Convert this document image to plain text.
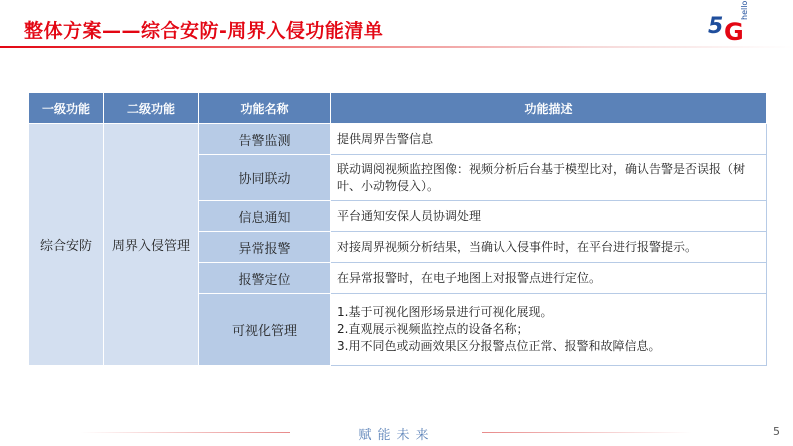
整体方案——综合安防-周界入侵功能清单	5 G
hello
一级功能	二级功能	功能名称	功能描述
综合安防	周界入侵管理	告警监测	提供周界告警信息
		协同联动	联动调阅视频监控图像：视频分析后台基于模型比对，确认告警是否误报（树叶、小动物侵入）。
		信息通知	平台通知安保人员协调处理
		异常报警	对接周界视频分析结果，当确认入侵事件时，在平台进行报警提示。
		报警定位	在异常报警时，在电子地图上对报警点进行定位。
		可视化管理	1.基于可视化图形场景进行可视化展现。
2.直观展示视频监控点的设备名称；
3.用不同色或动画效果区分报警点位正常、报警和故障信息。
赋能未来	5
